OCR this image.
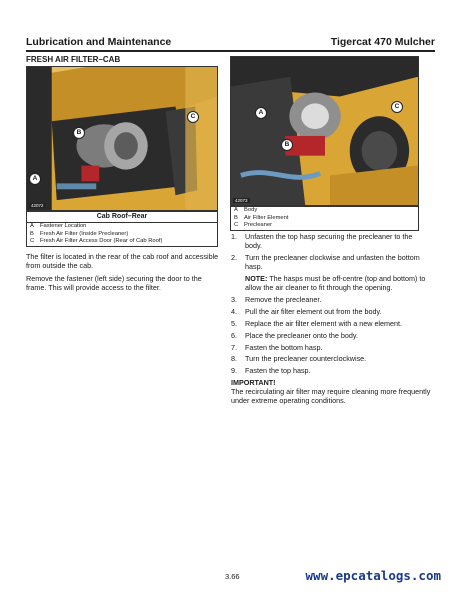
Lubrication and Maintenance	Tigercat 470 Mulcher
FRESH AIR FILTER–CAB
A
B
C
42072
Cab Roof–Rear
A	Fastener Location
B	Fresh Air Filter (Inside Precleaner)
C	Fresh Air Filter Access Door (Rear of Cab Roof)

The filter is located in the rear of the cab roof and accessible from outside the cab.

Remove the fastener (left side) securing the door to the frame. This will provide access to the filter.

A
B
C
42073
A	Body
B	Air Filter Element
C	Precleaner
1.	Unfasten the top hasp securing the precleaner to the body.
2.	Turn the precleaner clockwise and unfasten the bottom hasp.
NOTE: The hasps must be off-centre (top and bottom) to allow the air cleaner to fit through the opening.
3.	Remove the precleaner.
4.	Pull the air filter element out from the body.
5.	Replace the air filter element with a new element.
6.	Place the precleaner onto the body.
7.	Fasten the bottom hasp.
8.	Turn the precleaner counterclockwise.
9.	Fasten the top hasp.
IMPORTANT!
The recirculating air filter may require cleaning more frequently under extreme operating conditions.
3.66	www.epcatalogs.com
